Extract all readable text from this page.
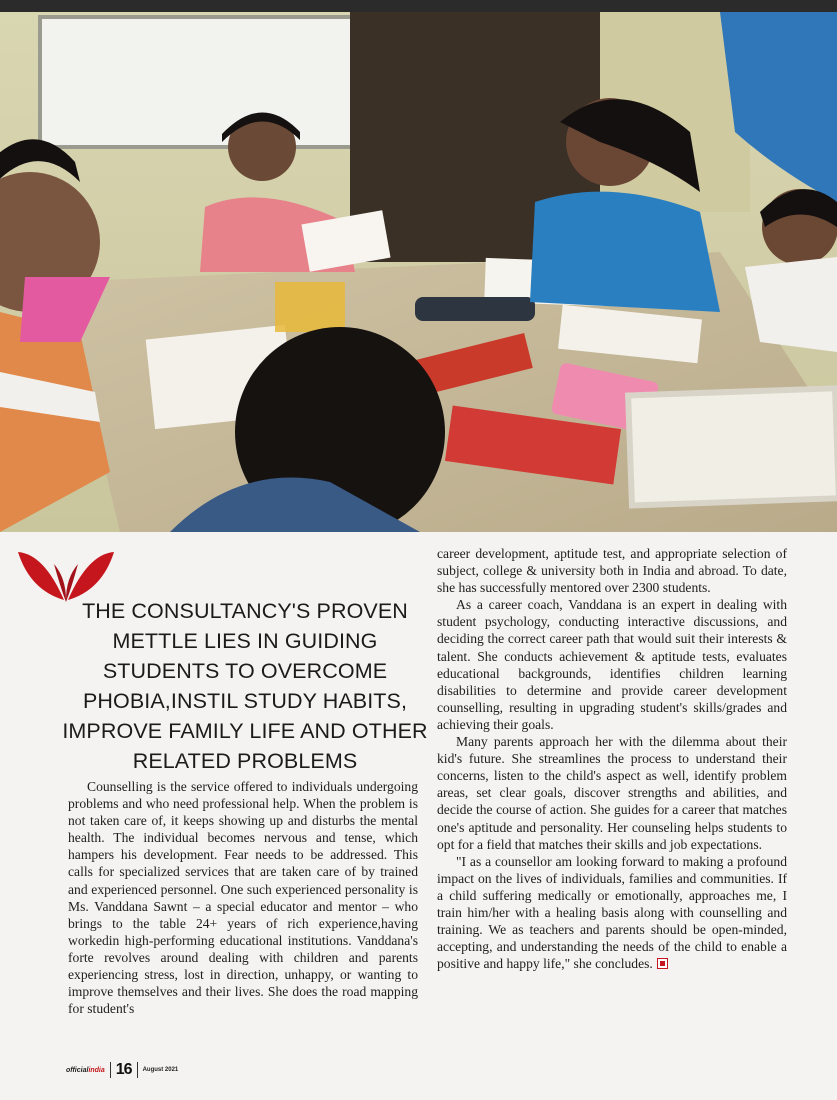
THE CONSULTANCY'S PROVEN METTLE LIES IN GUIDING STUDENTS TO OVERCOME PHOBIA,INSTIL STUDY HABITS, IMPROVE FAMILY LIFE AND OTHER RELATED PROBLEMS

Counselling is the service offered to individuals undergoing problems and who need professional help. When the problem is not taken care of, it keeps showing up and disturbs the mental health. The individual becomes nervous and tense, which hampers his development. Fear needs to be addressed. This calls for specialized services that are taken care of by trained and experienced personnel. One such experienced personality is Ms. Vanddana Sawnt – a special educator and mentor – who brings to the table 24+ years of rich experience,having workedin high-performing educational institutions. Vanddana's forte revolves around dealing with children and parents experiencing stress, lost in direction, unhappy, or wanting to improve themselves and their lives. She does the road mapping for student's

career development, aptitude test, and appropriate selection of subject, college & university both in India and abroad. To date, she has successfully mentored over 2300 students.

As a career coach, Vanddana is an expert in dealing with student psychology, conducting interactive discussions, and deciding the correct career path that would suit their interests & talent. She conducts achievement & aptitude tests, evaluates educational backgrounds, identifies children learning disabilities to determine and provide career development counselling, resulting in upgrading student's skills/grades and achieving their goals.

Many parents approach her with the dilemma about their kid's future. She streamlines the process to understand their concerns, listen to the child's aspect as well, identify problem areas, set clear goals, discover strengths and abilities, and decide the course of action. She guides for a career that matches one's aptitude and personality. Her counseling helps students to opt for a field that matches their skills and job expectations.

"I as a counsellor am looking forward to making a profound impact on the lives of individuals, families and communities. If a child suffering medically or emotionally, approaches me, I train him/her with a healing basis along with counselling and training. We as teachers and parents should be open-minded, accepting, and understanding the needs of the child to enable a positive and happy life," she concludes.

officialindia 16 August 2021
